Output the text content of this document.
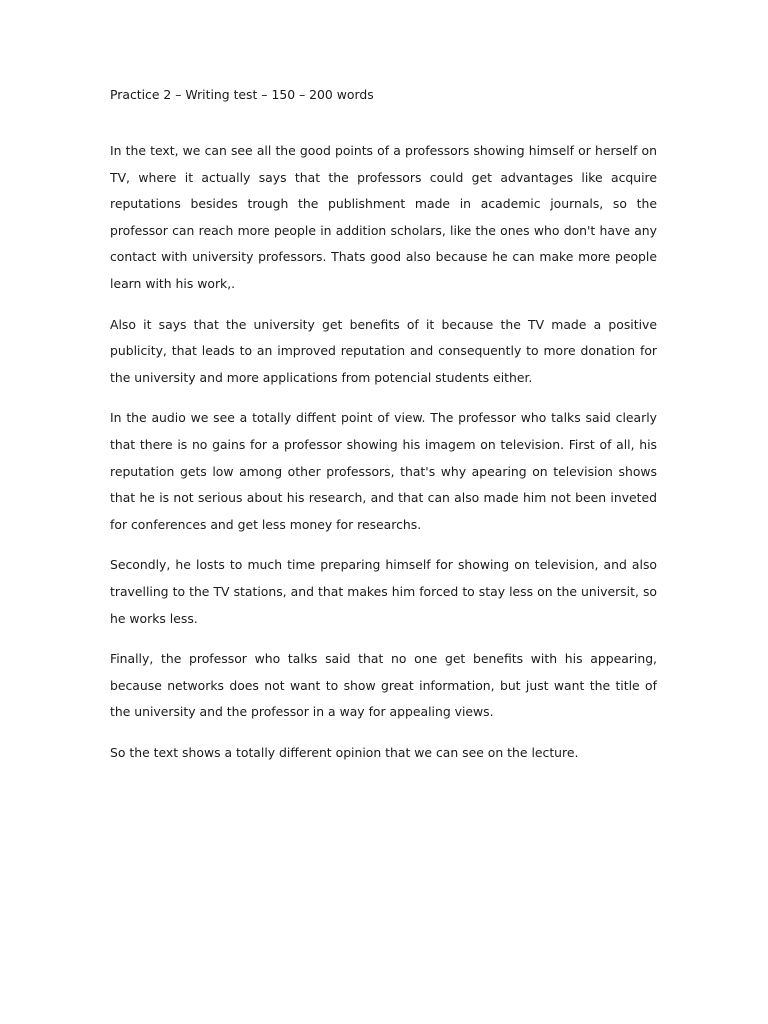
Practice 2 – Writing test – 150 – 200 words

In the text, we can see all the good points of a professors showing himself or herself on TV, where it actually says that the professors could get advantages like acquire reputations besides trough the publishment made in academic journals, so the professor can reach more people in addition scholars, like the ones who don't have any contact with university professors. Thats good also because he can make more people learn with his work,.

Also it says that the university get benefits of it because the TV made a positive publicity, that leads to an improved reputation and consequently to more donation for the university and more applications from potencial students either.

In the audio we see a totally diffent point of view. The professor who talks said clearly that there is no gains for a professor showing his imagem on television. First of all, his reputation gets low among other professors, that's why apearing on television shows that he is not serious about his research, and that can also made him not been inveted for conferences and get less money for researchs.

Secondly, he losts to much time preparing himself for showing on television, and also travelling to the TV stations, and that makes him forced to stay less on the universit, so he works less.

Finally, the professor who talks said that no one get benefits with his appearing, because networks does not want to show great information, but just want the title of the university and the professor in a way for appealing views.

So the text shows a totally different opinion that we can see on the lecture.
